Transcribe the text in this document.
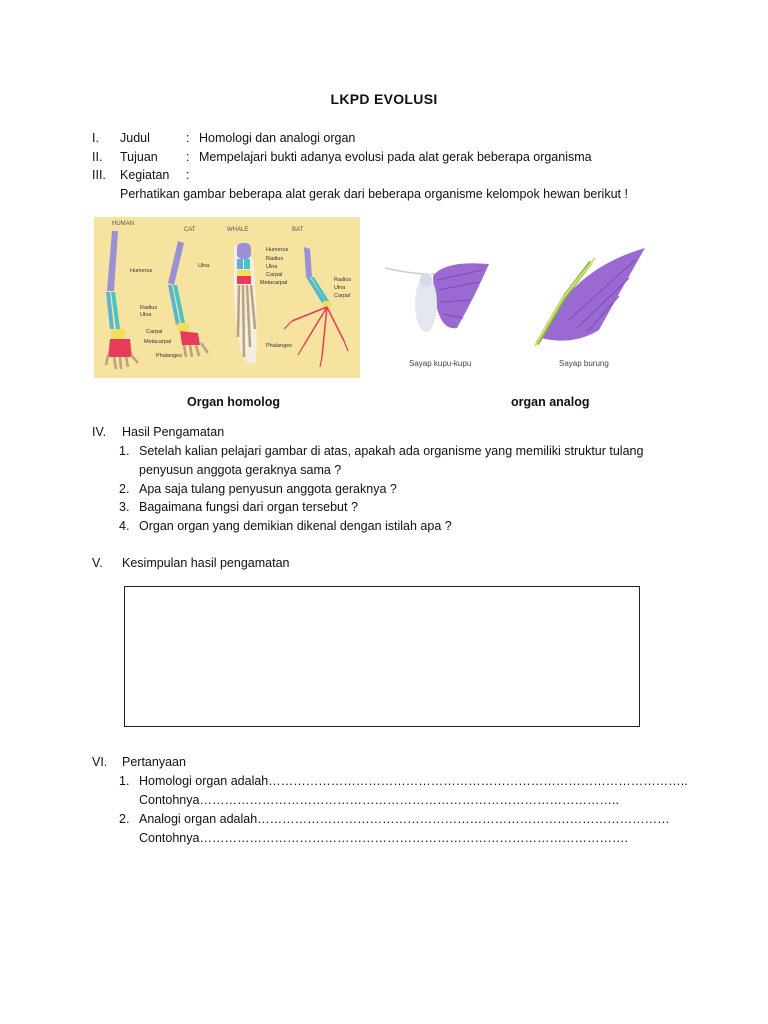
LKPD EVOLUSI
I. Judul	: Homologi dan analogi organ
II. Tujuan : Mempelajari bukti adanya evolusi pada alat gerak beberapa organisma
III. Kegiatan :
Perhatikan gambar beberapa alat gerak dari beberapa organisme kelompok hewan berikut !
HUMAN
CAT	WHALE	BAT
Humerus
Radius
Ulna
Carpal
Metacarpal
Phalanges
Ulna
Humerus
Radius
Ulna
Carpal
Metacarpal
Phalanges
Radius
Ulna
Carpal
Sayap kupu-kupu	Sayap burung
Organ homolog	organ analog
IV. Hasil Pengamatan
1. Setelah kalian pelajari gambar di atas, apakah ada organisme yang memiliki struktur tulang
penyusun anggota geraknya sama ?
2. Apa saja tulang penyusun anggota geraknya ?
3. Bagaimana fungsi dari organ tersebut ?
4. Organ organ yang demikian dikenal dengan istilah apa ?
V. Kesimpulan hasil pengamatan
VI. Pertanyaan
1. Homologi organ adalah………………………………………………………………………………………..
Contohnya………………………………………………………………………………………..
2. Analogi organ adalah………………………………………………………………………………………
Contohnya………………………………………………………………………………………….
